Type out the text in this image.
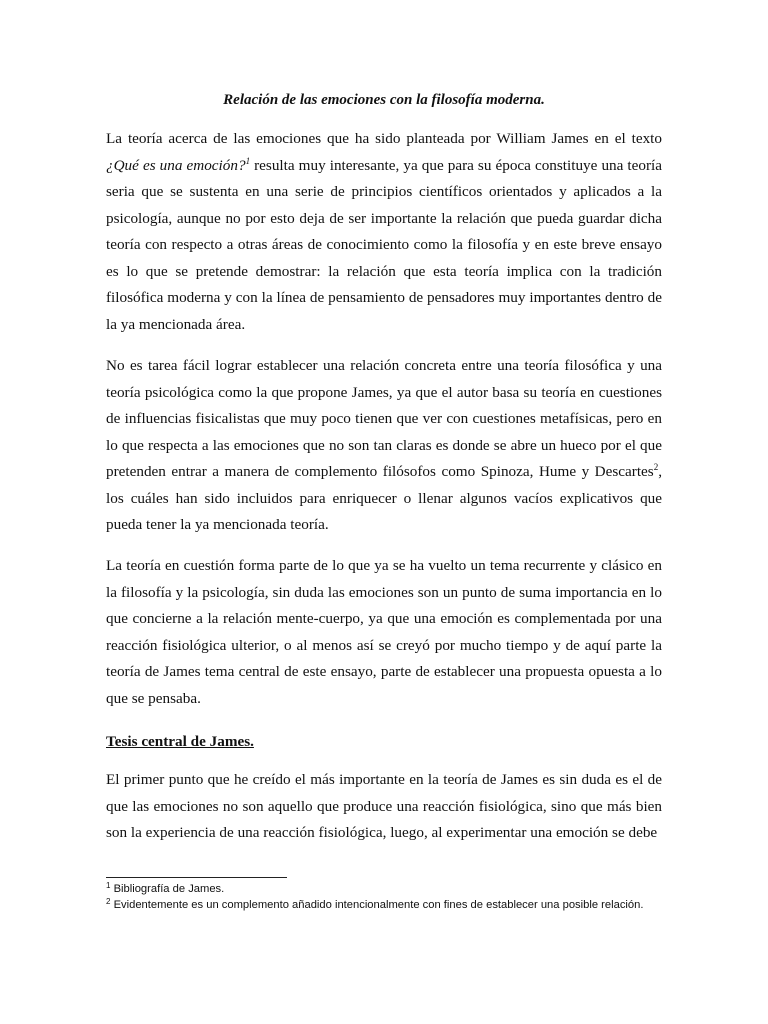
Relación de las emociones con la filosofía moderna.

La teoría acerca de las emociones que ha sido planteada por William James en el texto ¿Qué es una emoción?$^1$ resulta muy interesante, ya que para su época constituye una teoría seria que se sustenta en una serie de principios científicos orientados y aplicados a la psicología, aunque no por esto deja de ser importante la relación que pueda guardar dicha teoría con respecto a otras áreas de conocimiento como la filosofía y en este breve ensayo es lo que se pretende demostrar: la relación que esta teoría implica con la tradición filosófica moderna y con la línea de pensamiento de pensadores muy importantes dentro de la ya mencionada área.

No es tarea fácil lograr establecer una relación concreta entre una teoría filosófica y una teoría psicológica como la que propone James, ya que el autor basa su teoría en cuestiones de influencias fisicalistas que muy poco tienen que ver con cuestiones metafísicas, pero en lo que respecta a las emociones que no son tan claras es donde se abre un hueco por el que pretenden entrar a manera de complemento filósofos como Spinoza, Hume y Descartes$^2$, los cuáles han sido incluidos para enriquecer o llenar algunos vacíos explicativos que pueda tener la ya mencionada teoría.

La teoría en cuestión forma parte de lo que ya se ha vuelto un tema recurrente y clásico en la filosofía y la psicología, sin duda las emociones son un punto de suma importancia en lo que concierne a la relación mente-cuerpo, ya que una emoción es complementada por una reacción fisiológica ulterior, o al menos así se creyó por mucho tiempo y de aquí parte la teoría de James tema central de este ensayo, parte de establecer una propuesta opuesta a lo que se pensaba.

Tesis central de James.

El primer punto que he creído el más importante en la teoría de James es sin duda es el de que las emociones no son aquello que produce una reacción fisiológica, sino que más bien son la experiencia de una reacción fisiológica, luego, al experimentar una emoción se debe

$^1$ Bibliografía de James.
$^2$ Evidentemente es un complemento añadido intencionalmente con fines de establecer una posible relación.
